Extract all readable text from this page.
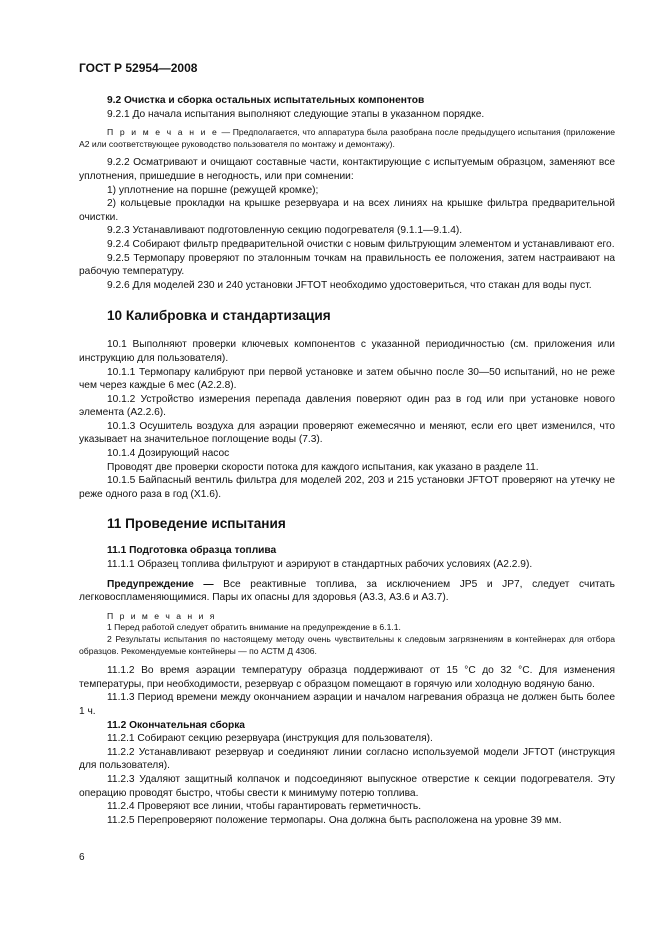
ГОСТ Р 52954—2008
9.2 Очистка и сборка остальных испытательных компонентов
9.2.1 До начала испытания выполняют следующие этапы в указанном порядке.
П р и м е ч а н и е — Предполагается, что аппаратура была разобрана после предыдущего испытания (приложение А2 или соответствующее руководство пользователя по монтажу и демонтажу).
9.2.2 Осматривают и очищают составные части, контактирующие с испытуемым образцом, заменяют все уплотнения, пришедшие в негодность, или при сомнении:
1) уплотнение на поршне (режущей кромке);
2) кольцевые прокладки на крышке резервуара и на всех линиях на крышке фильтра предварительной очистки.
9.2.3 Устанавливают подготовленную секцию подогревателя (9.1.1—9.1.4).
9.2.4 Собирают фильтр предварительной очистки с новым фильтрующим элементом и устанавливают его.
9.2.5 Термопару проверяют по эталонным точкам на правильность ее положения, затем настраивают на рабочую температуру.
9.2.6 Для моделей 230 и 240 установки JFTOT необходимо удостовериться, что стакан для воды пуст.
10 Калибровка и стандартизация
10.1 Выполняют проверки ключевых компонентов с указанной периодичностью (см. приложения или инструкцию для пользователя).
10.1.1 Термопару калибруют при первой установке и затем обычно после 30—50 испытаний, но не реже чем через каждые 6 мес (А2.2.8).
10.1.2 Устройство измерения перепада давления поверяют один раз в год или при установке нового элемента (А2.2.6).
10.1.3 Осушитель воздуха для аэрации проверяют ежемесячно и меняют, если его цвет изменился, что указывает на значительное поглощение воды (7.3).
10.1.4 Дозирующий насос
Проводят две проверки скорости потока для каждого испытания, как указано в разделе 11.
10.1.5 Байпасный вентиль фильтра для моделей 202, 203 и 215 установки JFTOT проверяют на утечку не реже одного раза в год (Х1.6).
11 Проведение испытания
11.1 Подготовка образца топлива
11.1.1 Образец топлива фильтруют и аэрируют в стандартных рабочих условиях (А2.2.9).
Предупреждение — Все реактивные топлива, за исключением JP5 и JP7, следует считать легковоспламеняющимися. Пары их опасны для здоровья (А3.3, А3.6 и А3.7).
П р и м е ч а н и я
1 Перед работой следует обратить внимание на предупреждение в 6.1.1.
2 Результаты испытания по настоящему методу очень чувствительны к следовым загрязнениям в контейнерах для отбора образцов. Рекомендуемые контейнеры — по АСТМ Д 4306.
11.1.2 Во время аэрации температуру образца поддерживают от 15 °С до 32 °С. Для изменения температуры, при необходимости, резервуар с образцом помещают в горячую или холодную водяную баню.
11.1.3 Период времени между окончанием аэрации и началом нагревания образца не должен быть более 1 ч.
11.2 Окончательная сборка
11.2.1 Собирают секцию резервуара (инструкция для пользователя).
11.2.2 Устанавливают резервуар и соединяют линии согласно используемой модели JFTOT (инструкция для пользователя).
11.2.3 Удаляют защитный колпачок и подсоединяют выпускное отверстие к секции подогревателя. Эту операцию проводят быстро, чтобы свести к минимуму потерю топлива.
11.2.4 Проверяют все линии, чтобы гарантировать герметичность.
11.2.5 Перепроверяют положение термопары. Она должна быть расположена на уровне 39 мм.
6
